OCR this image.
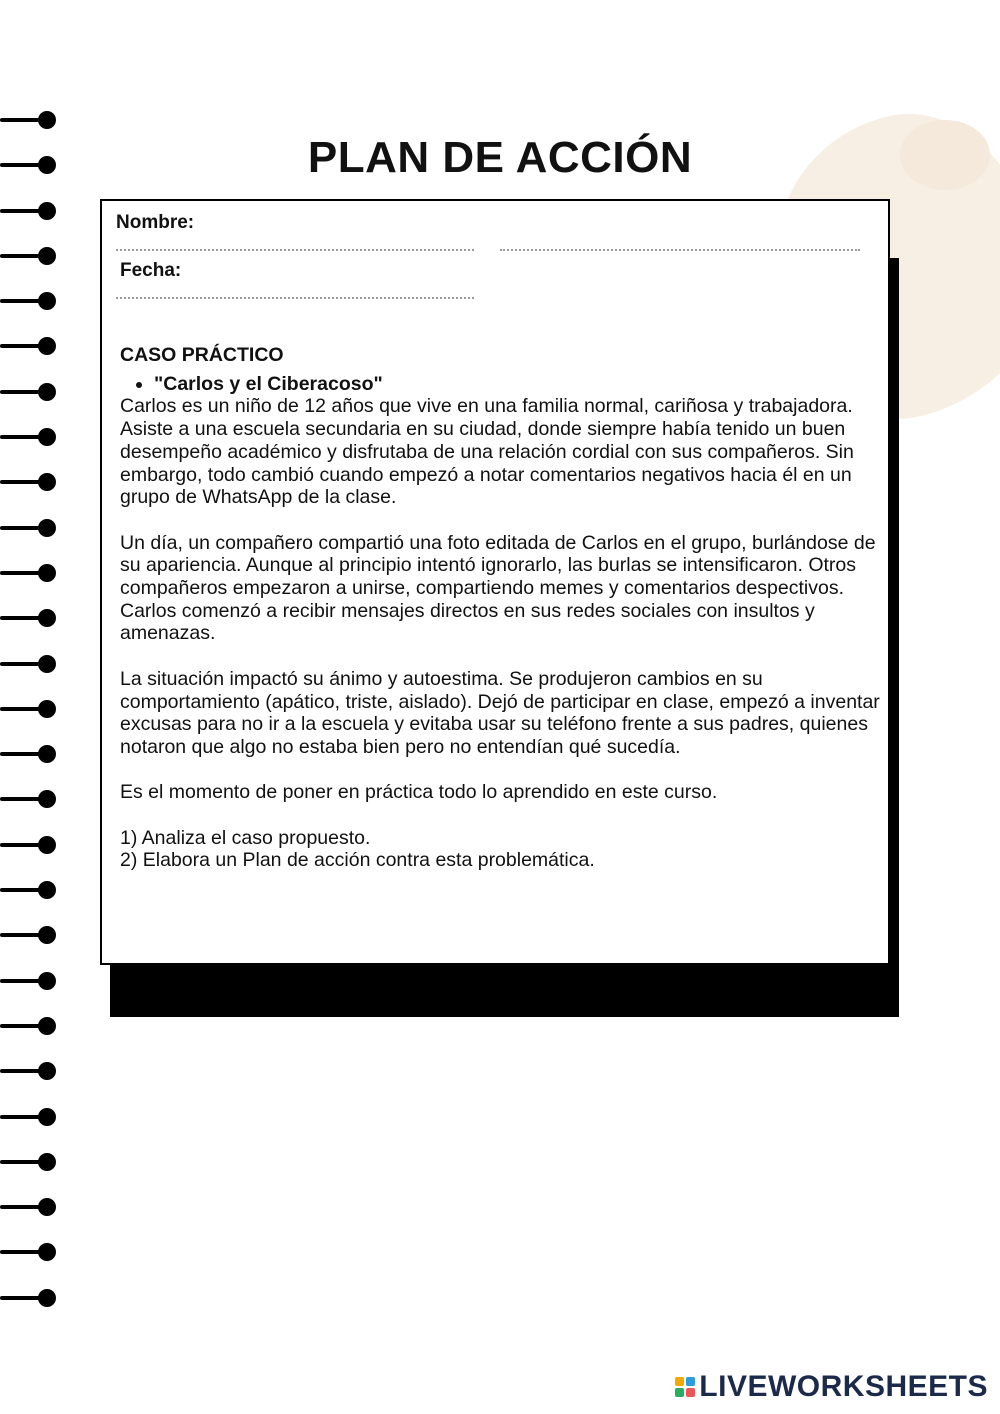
PLAN DE ACCIÓN
Nombre:
Fecha:
CASO PRÁCTICO
• "Carlos y el Ciberacoso"

Carlos es un niño de 12 años que vive en una familia normal, cariñosa y trabajadora. Asiste a una escuela secundaria en su ciudad, donde siempre había tenido un buen desempeño académico y disfrutaba de una relación cordial con sus compañeros. Sin embargo, todo cambió cuando empezó a notar comentarios negativos hacia él en un grupo de WhatsApp de la clase.

Un día, un compañero compartió una foto editada de Carlos en el grupo, burlándose de su apariencia. Aunque al principio intentó ignorarlo, las burlas se intensificaron. Otros compañeros empezaron a unirse, compartiendo memes y comentarios despectivos. Carlos comenzó a recibir mensajes directos en sus redes sociales con insultos y amenazas.

La situación impactó su ánimo y autoestima. Se produjeron cambios en su comportamiento (apático, triste, aislado). Dejó de participar en clase, empezó a inventar excusas para no ir a la escuela y evitaba usar su teléfono frente a sus padres, quienes notaron que algo no estaba bien pero no entendían qué sucedía.

Es el momento de poner en práctica todo lo aprendido en este curso.

1) Analiza el caso propuesto.

2) Elabora un Plan de acción contra esta problemática.

LIVEWORKSHEETS
